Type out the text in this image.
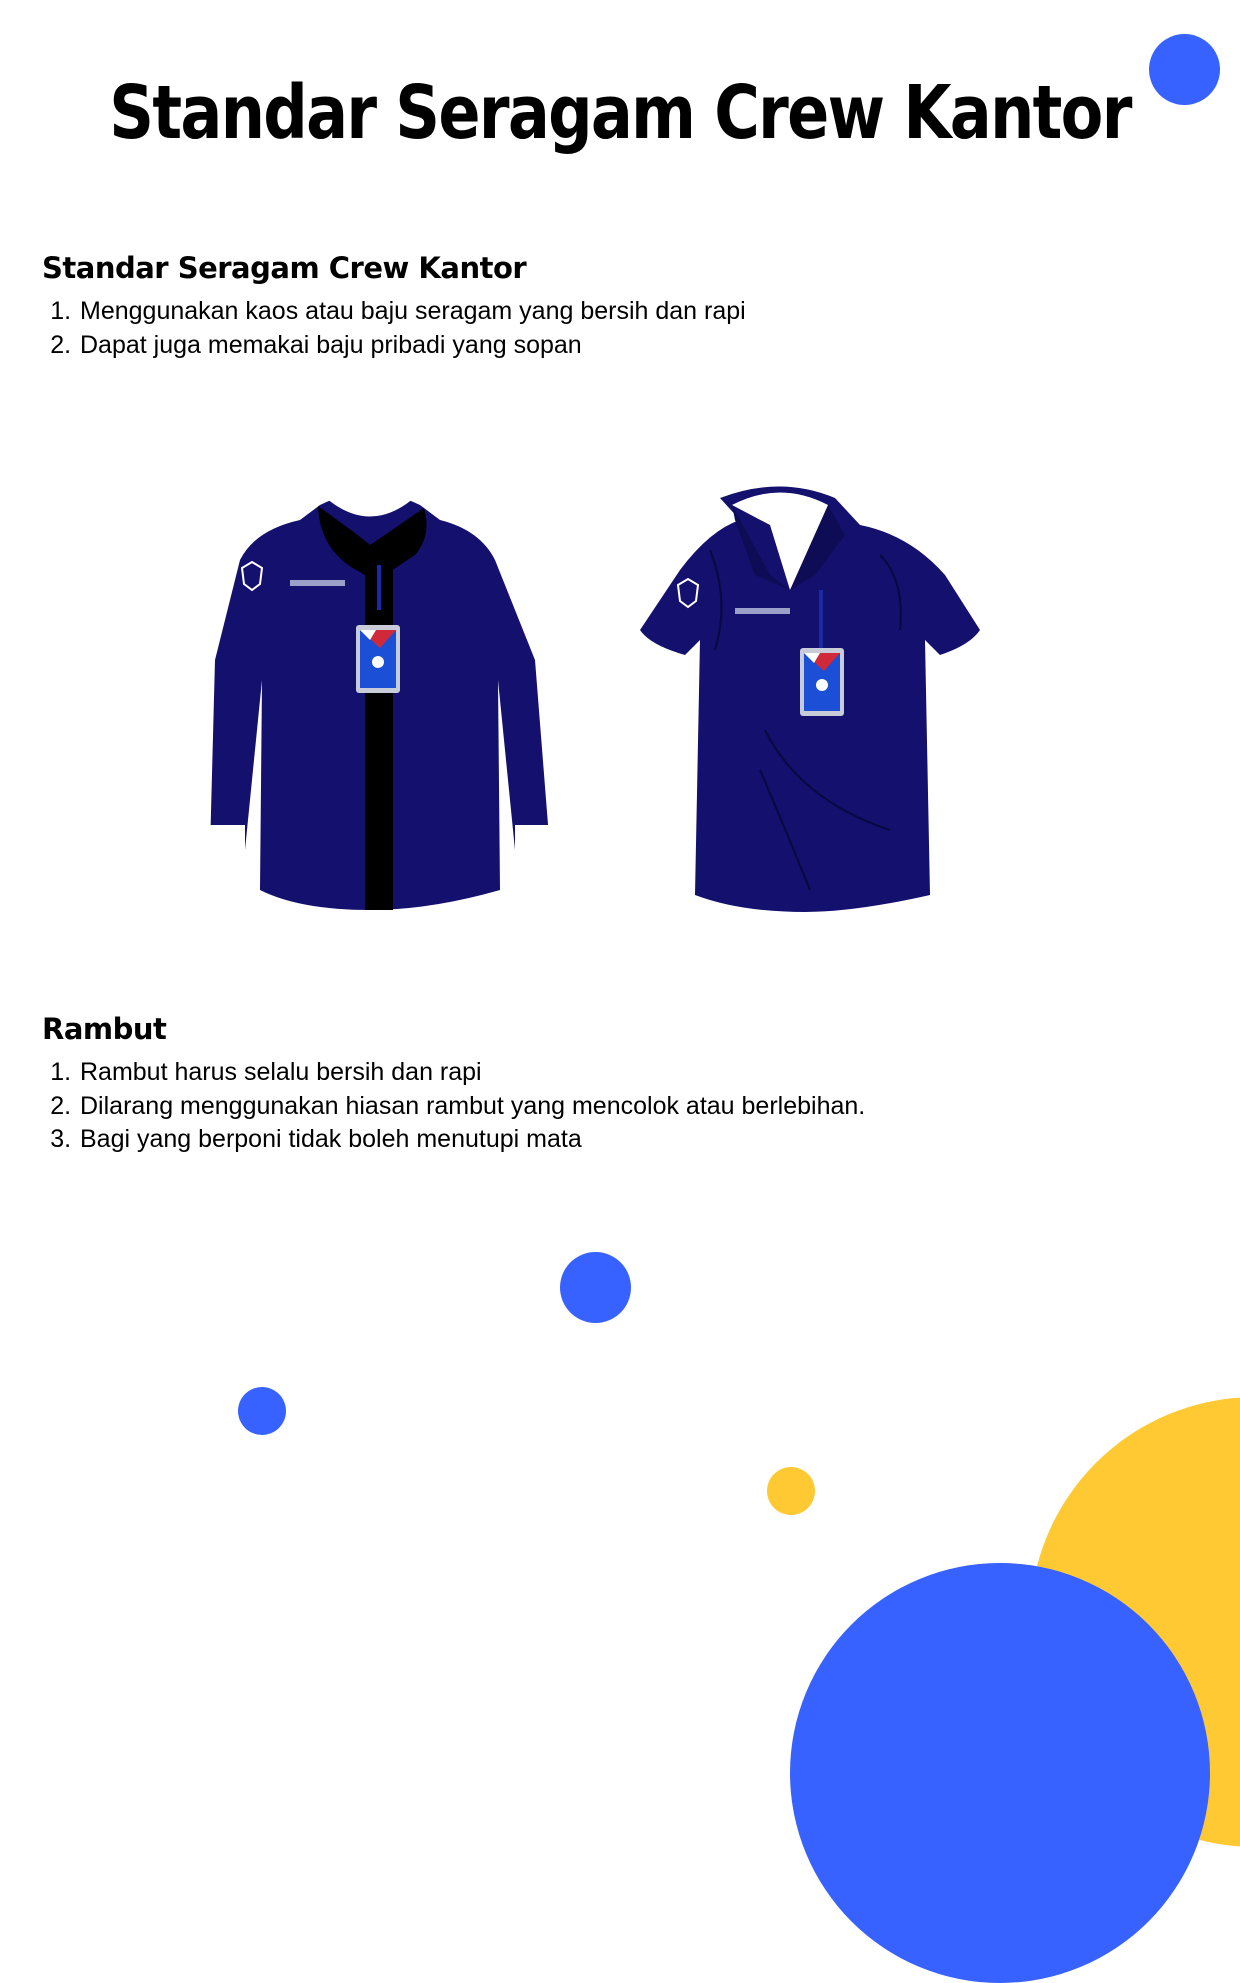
Standar Seragam Crew Kantor
Standar Seragam Crew Kantor
1. Menggunakan kaos atau baju seragam yang bersih dan rapi
2. Dapat juga memakai baju pribadi yang sopan
Rambut
1. Rambut harus selalu bersih dan rapi
2. Dilarang menggunakan hiasan rambut yang mencolok atau berlebihan.
3. Bagi yang berponi tidak boleh menutupi mata
